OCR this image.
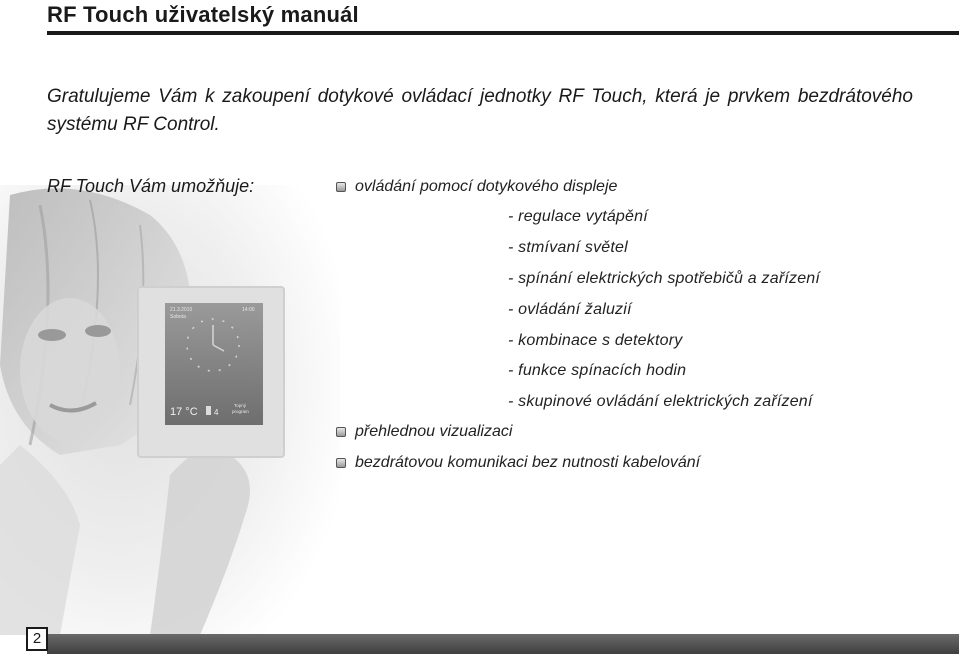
RF Touch uživatelský manuál

Gratulujeme Vám k zakoupení dotykové ovládací jednotky RF Touch, která je prvkem bezdrátového systému RF Control.

21.3.2010
Sobota
14:00
17 °C 4
Topný
program
RF Touch Vám umožňuje:	ovládání pomocí dotykového displeje
- regulace vytápění
- stmívaní světel
- spínání elektrických spotřebičů a zařízení
- ovládání žaluzií
- kombinace s detektory
- funkce spínacích hodin
- skupinové ovládání elektrických zařízení
přehlednou vizualizaci
bezdrátovou komunikaci bez nutnosti kabelování
2
